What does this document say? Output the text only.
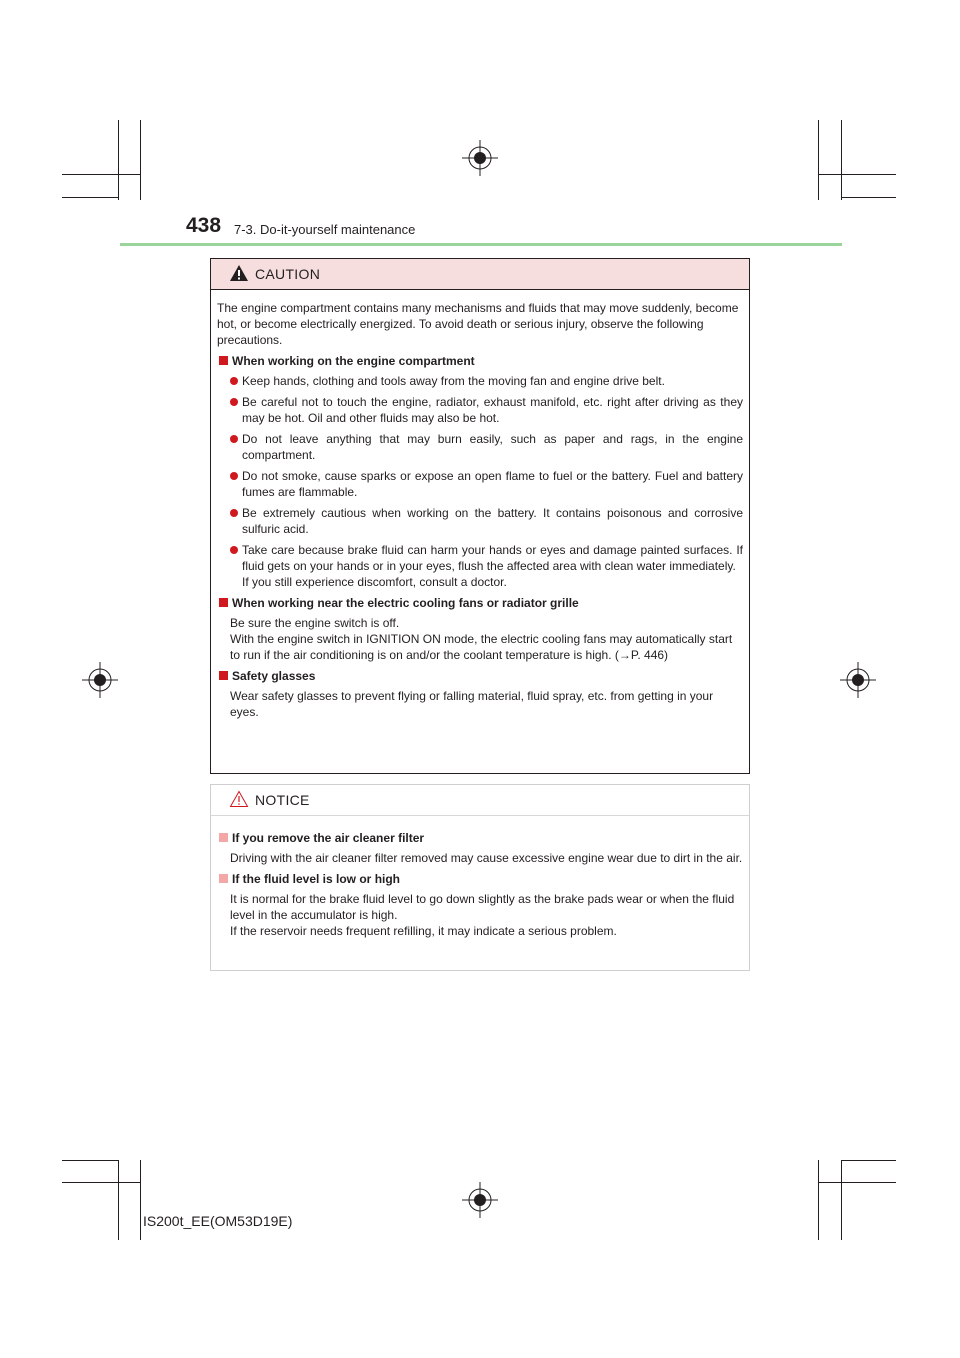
438 7-3. Do-it-yourself maintenance
CAUTION

The engine compartment contains many mechanisms and fluids that may move suddenly, become hot, or become electrically energized. To avoid death or serious injury, observe the following precautions.

When working on the engine compartment
Keep hands, clothing and tools away from the moving fan and engine drive belt.
Be careful not to touch the engine, radiator, exhaust manifold, etc. right after driving as they may be hot. Oil and other fluids may also be hot.
Do not leave anything that may burn easily, such as paper and rags, in the engine compartment.
Do not smoke, cause sparks or expose an open flame to fuel or the battery. Fuel and battery fumes are flammable.
Be extremely cautious when working on the battery. It contains poisonous and corrosive sulfuric acid.
Take care because brake fluid can harm your hands or eyes and damage painted surfaces. If fluid gets on your hands or in your eyes, flush the affected area with clean water immediately.
If you still experience discomfort, consult a doctor.
When working near the electric cooling fans or radiator grille
Be sure the engine switch is off.
With the engine switch in IGNITION ON mode, the electric cooling fans may automatically start to run if the air conditioning is on and/or the coolant temperature is high. (→P. 446)
Safety glasses
Wear safety glasses to prevent flying or falling material, fluid spray, etc. from getting in your eyes.
NOTICE
If you remove the air cleaner filter
Driving with the air cleaner filter removed may cause excessive engine wear due to dirt in the air.
If the fluid level is low or high
It is normal for the brake fluid level to go down slightly as the brake pads wear or when the fluid level in the accumulator is high.
If the reservoir needs frequent refilling, it may indicate a serious problem.
IS200t_EE(OM53D19E)
